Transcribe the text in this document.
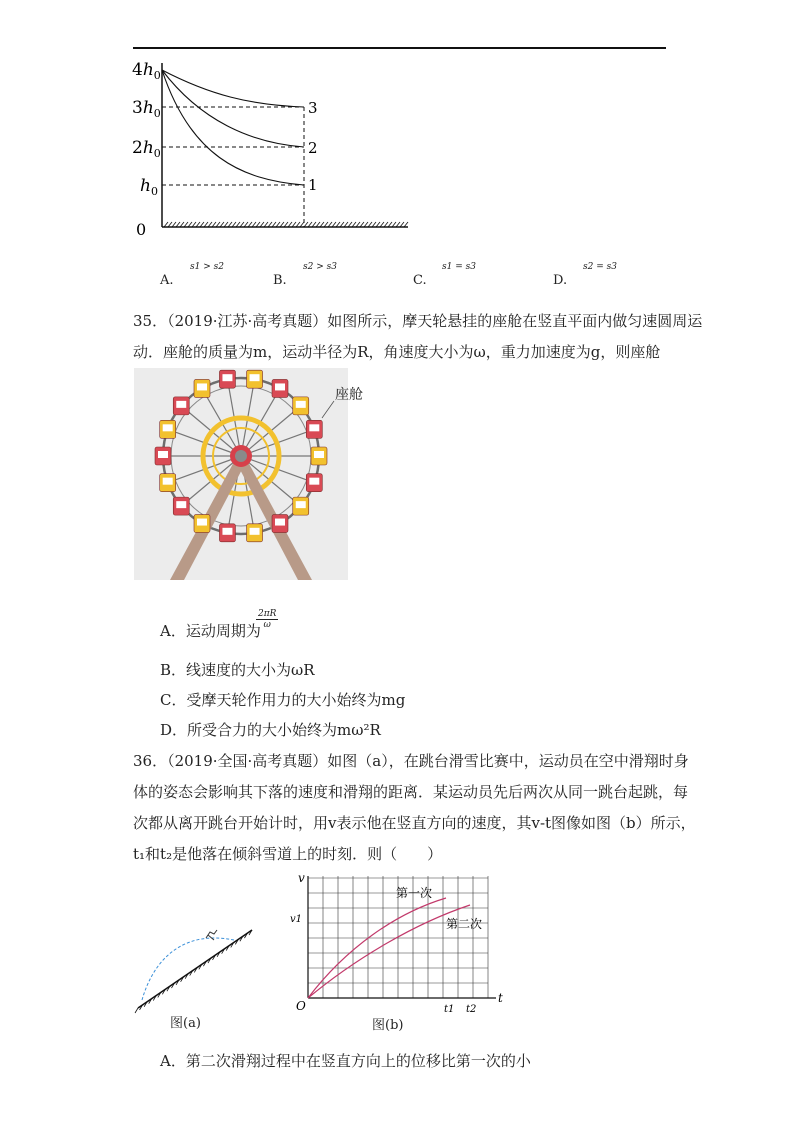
$4h_0$
$3h_0$
$2h_0$
$h_0$
0
3
2
1
A.
s1 > s2
B.
s2 > s3
C.
s1 = s3
D.
s2 = s3
35．（2019·江苏·高考真题）如图所示，摩天轮悬挂的座舱在竖直平面内做匀速圆周运
动．座舱的质量为m，运动半径为R，角速度大小为ω，重力加速度为g，则座舱
座舱
A．运动周期为
$\frac{2\pi R}{\omega}$
B．线速度的大小为ωR
C．受摩天轮作用力的大小始终为mg
D．所受合力的大小始终为mω²R
36．（2019·全国·高考真题）如图（a），在跳台滑雪比赛中，运动员在空中滑翔时身
体的姿态会影响其下落的速度和滑翔的距离．某运动员先后两次从同一跳台起跳，每
次都从离开跳台开始计时，用v表示他在竖直方向的速度，其v-t图像如图（b）所示，
t₁和t₂是他落在倾斜雪道上的时刻．则（　　）
图(a)
v
t
O
v1
t1 t2
第一次
第二次
图(b)
A．第二次滑翔过程中在竖直方向上的位移比第一次的小
